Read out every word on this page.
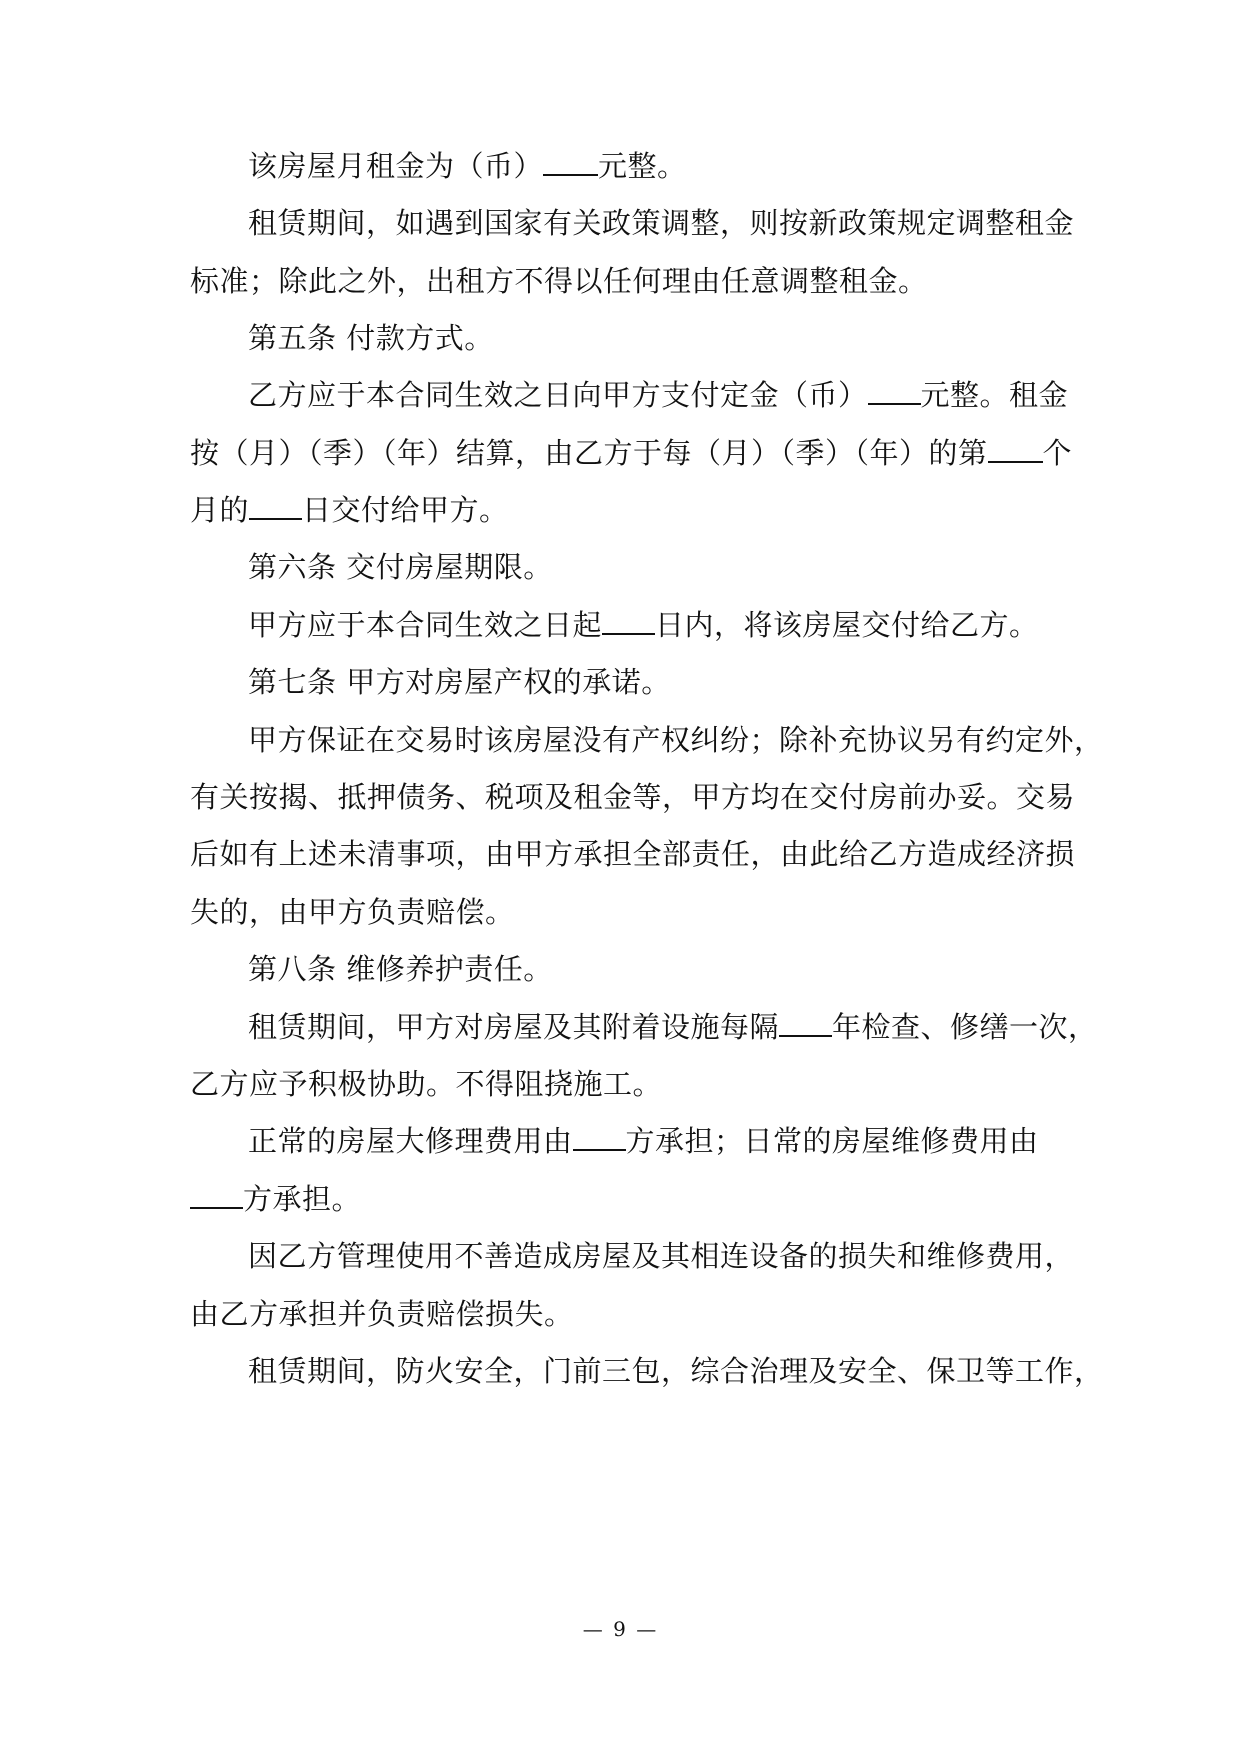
该房屋月租金为（币） 元整。
租赁期间，如遇到国家有关政策调整，则按新政策规定调整租金
标准；除此之外，出租方不得以任何理由任意调整租金。
第五条 付款方式。
乙方应于本合同生效之日向甲方支付定金（币） 元整。租金
按（月）（季）（年）结算，由乙方于每（月）（季）（年）的第 个
月的 日交付给甲方。
第六条 交付房屋期限。
甲方应于本合同生效之日起 日内，将该房屋交付给乙方。
第七条 甲方对房屋产权的承诺。
甲方保证在交易时该房屋没有产权纠纷；除补充协议另有约定外，
有关按揭、抵押债务、税项及租金等，甲方均在交付房前办妥。交易
后如有上述未清事项，由甲方承担全部责任，由此给乙方造成经济损
失的，由甲方负责赔偿。
第八条 维修养护责任。
租赁期间，甲方对房屋及其附着设施每隔 年检查、修缮一次，
乙方应予积极协助。不得阻挠施工。
正常的房屋大修理费用由 方承担；日常的房屋维修费用由
方承担。
因乙方管理使用不善造成房屋及其相连设备的损失和维修费用，
由乙方承担并负责赔偿损失。
租赁期间，防火安全，门前三包，综合治理及安全、保卫等工作，
— 9 —
